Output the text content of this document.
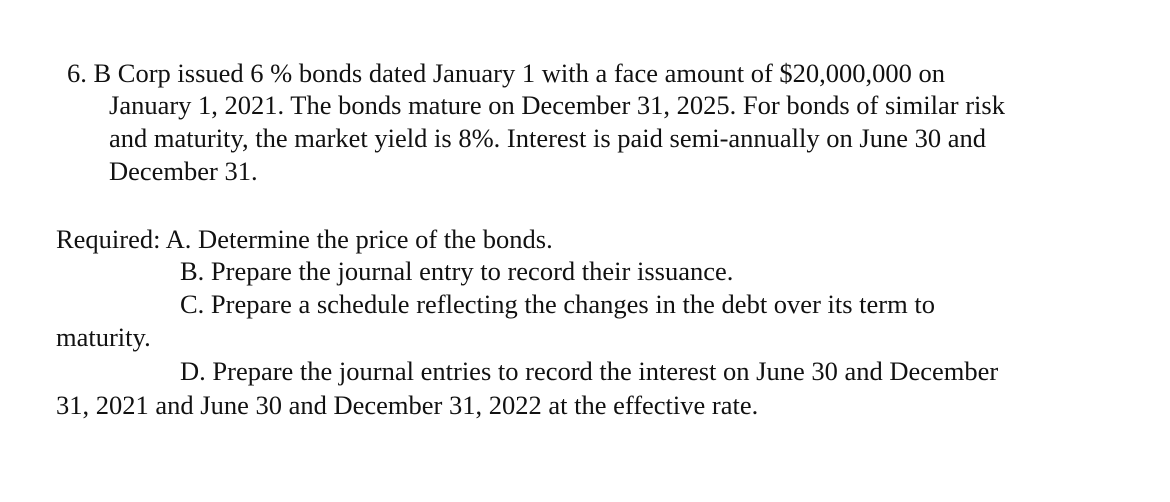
6. B Corp issued 6 % bonds dated January 1 with a face amount of $20,000,000 on
January 1, 2021. The bonds mature on December 31, 2025. For bonds of similar risk
and maturity, the market yield is 8%. Interest is paid semi-annually on June 30 and
December 31.
Required: A. Determine the price of the bonds.
B. Prepare the journal entry to record their issuance.
C. Prepare a schedule reflecting the changes in the debt over its term to
maturity.
D. Prepare the journal entries to record the interest on June 30 and December
31, 2021 and June 30 and December 31, 2022 at the effective rate.
